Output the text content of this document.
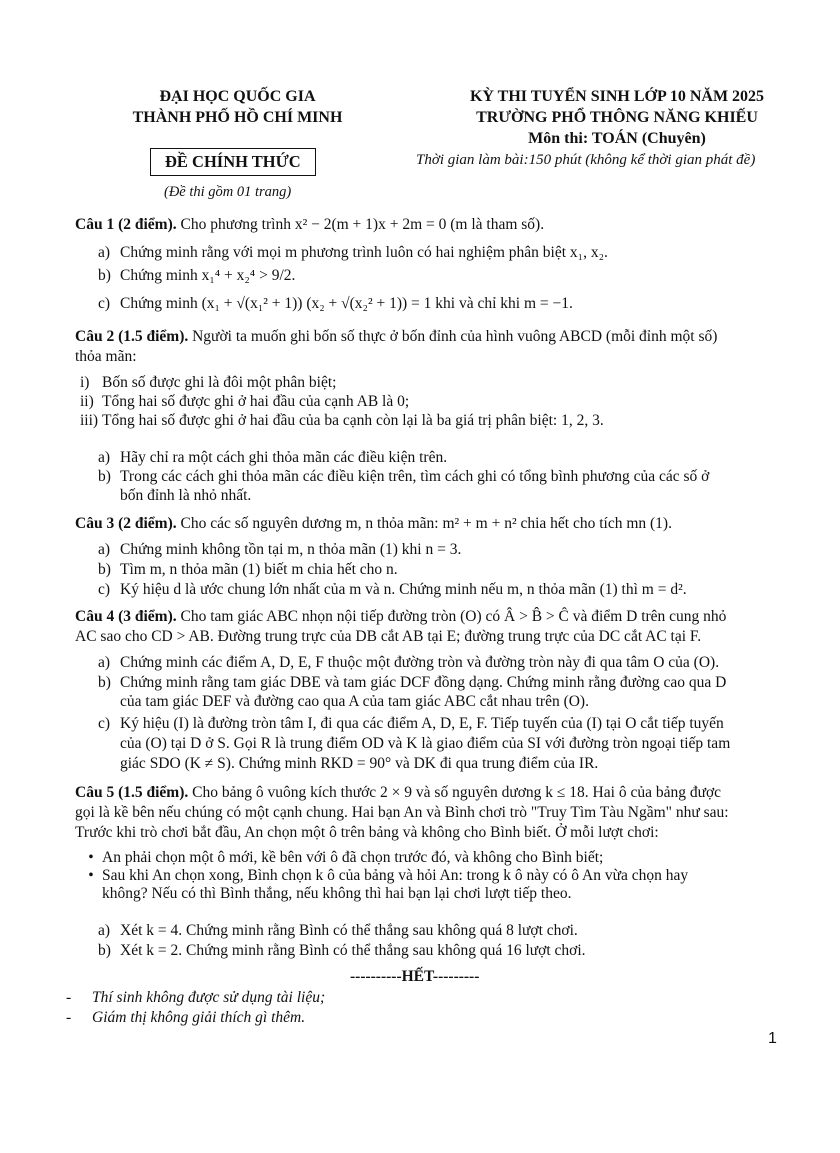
ĐẠI HỌC QUỐC GIA
THÀNH PHỐ HỒ CHÍ MINH
ĐỀ CHÍNH THỨC
(Đề thi gồm 01 trang)
KỲ THI TUYỂN SINH LỚP 10 NĂM 2025
TRƯỜNG PHỔ THÔNG NĂNG KHIẾU
Môn thi: TOÁN (Chuyên)
Thời gian làm bài:150 phút (không kể thời gian phát đề)
Câu 1 (2 điểm). Cho phương trình x² − 2(m + 1)x + 2m = 0 (m là tham số).
a) Chứng minh rằng với mọi m phương trình luôn có hai nghiệm phân biệt x₁, x₂.
b) Chứng minh x₁⁴ + x₂⁴ > 9/2.
c) Chứng minh (x₁ + √(x₁² + 1)) (x₂ + √(x₂² + 1)) = 1 khi và chỉ khi m = −1.
Câu 2 (1.5 điểm). Người ta muốn ghi bốn số thực ở bốn đỉnh của hình vuông ABCD (mỗi đỉnh một số)
thỏa mãn:
i) Bốn số được ghi là đôi một phân biệt;
ii) Tổng hai số được ghi ở hai đầu của cạnh AB là 0;
iii) Tổng hai số được ghi ở hai đầu của ba cạnh còn lại là ba giá trị phân biệt: 1, 2, 3.
a) Hãy chỉ ra một cách ghi thỏa mãn các điều kiện trên.
b) Trong các cách ghi thỏa mãn các điều kiện trên, tìm cách ghi có tổng bình phương của các số ở
bốn đỉnh là nhỏ nhất.
Câu 3 (2 điểm). Cho các số nguyên dương m, n thỏa mãn: m² + m + n² chia hết cho tích mn (1).
a) Chứng minh không tồn tại m, n thỏa mãn (1) khi n = 3.
b) Tìm m, n thỏa mãn (1) biết m chia hết cho n.
c) Ký hiệu d là ước chung lớn nhất của m và n. Chứng minh nếu m, n thỏa mãn (1) thì m = d².
Câu 4 (3 điểm). Cho tam giác ABC nhọn nội tiếp đường tròn (O) có Â > B̂ > Ĉ và điểm D trên cung nhỏ
AC sao cho CD > AB. Đường trung trực của DB cắt AB tại E; đường trung trực của DC cắt AC tại F.
a) Chứng minh các điểm A, D, E, F thuộc một đường tròn và đường tròn này đi qua tâm O của (O).
b) Chứng minh rằng tam giác DBE và tam giác DCF đồng dạng. Chứng minh rằng đường cao qua D
của tam giác DEF và đường cao qua A của tam giác ABC cắt nhau trên (O).
c) Ký hiệu (I) là đường tròn tâm I, đi qua các điểm A, D, E, F. Tiếp tuyến của (I) tại O cắt tiếp tuyến
của (O) tại D ở S. Gọi R là trung điểm OD và K là giao điểm của SI với đường tròn ngoại tiếp tam
giác SDO (K ≠ S). Chứng minh RKD = 90° và DK đi qua trung điểm của IR.
Câu 5 (1.5 điểm). Cho bảng ô vuông kích thước 2 × 9 và số nguyên dương k ≤ 18. Hai ô của bảng được
gọi là kề bên nếu chúng có một cạnh chung. Hai bạn An và Bình chơi trò "Truy Tìm Tàu Ngầm" như sau:
Trước khi trò chơi bắt đầu, An chọn một ô trên bảng và không cho Bình biết. Ở mỗi lượt chơi:
• An phải chọn một ô mới, kề bên với ô đã chọn trước đó, và không cho Bình biết;
• Sau khi An chọn xong, Bình chọn k ô của bảng và hỏi An: trong k ô này có ô An vừa chọn hay
không? Nếu có thì Bình thắng, nếu không thì hai bạn lại chơi lượt tiếp theo.
a) Xét k = 4. Chứng minh rằng Bình có thể thắng sau không quá 8 lượt chơi.
b) Xét k = 2. Chứng minh rằng Bình có thể thắng sau không quá 16 lượt chơi.
----------HẾT---------
- Thí sinh không được sử dụng tài liệu;
- Giám thị không giải thích gì thêm.
1
